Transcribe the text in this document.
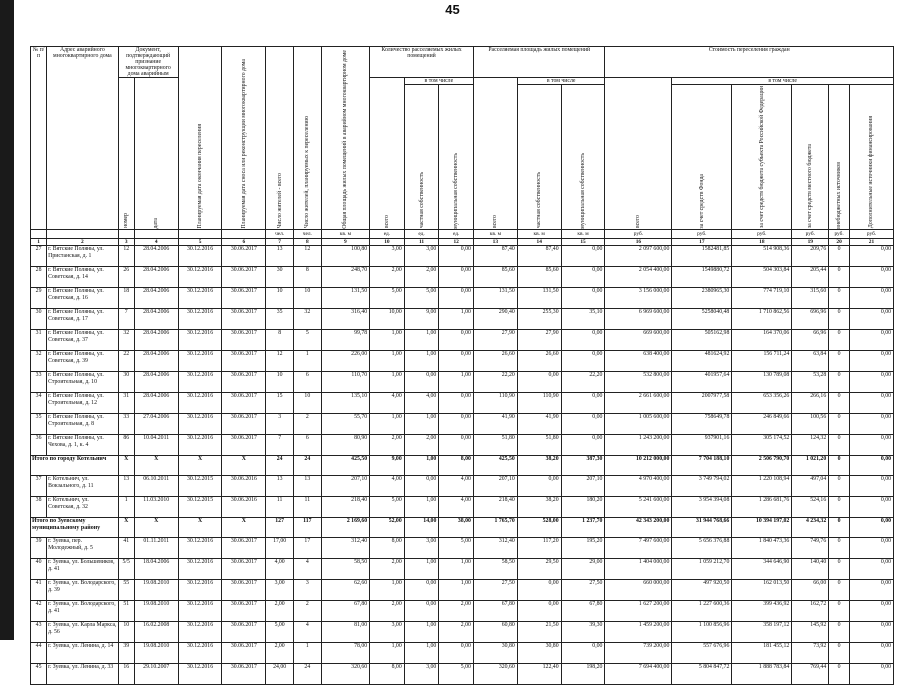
45
№ п/п	Адрес аварийного многоквартирного дома	Документ, подтверждающий признание многоквартирного дома аварийным		Планируемая дата окончания переселения	Планируемая дата сноса или реконструкции многоквартирного дома	Число жителей - всего	Число жителей, планируемых к переселению	Общая площадь жилых помещений в аварийном многоквартирном доме	Количество расселяемых жилых помещений			Расселяемая площадь жилых помещений			Стоимость переселения граждан					
		номер	дата						всего	в том числе		всего	в том числе		всего	в том числе				
										частная собственность	муниципальная собственность		частная собственность	муниципальная собственность		за счет средств Фонда	за счет средств бюджета субъекта Российской Федерации	за счет средств местного бюджета	внебюджетных источников	Дополнительные источники финансирования
						чел.	чел.	кв. м	ед.	ед.	ед.	кв. м	кв. м	кв. м	руб.	руб.	руб.	руб.	руб.	руб.
1	2	3	4	5	6	7	8	9	10	11	12	13	14	15	16	17	18	19	20	21
27	г. Вятские Поляны, ул. Пристанская, д. 1	12	28.04.2006	30.12.2016	30.06.2017	13	12	100,80	3,00	3,00	0,00	87,40	87,40	0,00	2 097 600,00	1582481,85	514 908,36	209,76	0	0,00
28	г. Вятские Поляны, ул. Советская, д. 14	26	28.04.2006	30.12.2016	30.06.2017	30	8	248,70	2,00	2,00	0,00	85,60	85,60	0,00	2 054 400,00	1549880,72	504 303,84	205,44	0	0,00
29	г. Вятские Поляны, ул. Советская, д. 16	18	28.04.2006	30.12.2016	30.06.2017	10	10	131,50	5,00	5,00	0,00	131,50	131,50	0,00	3 156 000,00	2380965,30	774 719,10	315,60	0	0,00
30	г. Вятские Поляны, ул. Советская, д. 17	7	28.04.2006	30.12.2016	30.06.2017	35	32	316,40	10,00	9,00	1,00	290,40	255,30	35,10	6 969 600,00	5258040,48	1 710 862,56	696,96	0	0,00
31	г. Вятские Поляны, ул. Советская, д. 37	32	28.04.2006	30.12.2016	30.06.2017	8	5	99,78	1,00	1,00	0,00	27,90	27,90	0,00	669 600,00	505162,98	164 370,06	66,96	0	0,00
32	г. Вятские Поляны, ул. Советская, д. 39	22	28.04.2006	30.12.2016	30.06.2017	12	1	226,00	1,00	1,00	0,00	26,60	26,60	0,00	638 400,00	481624,92	156 711,24	63,84	0	0,00
33	г. Вятские Поляны, ул. Строительная, д. 10	30	28.04.2006	30.12.2016	30.06.2017	10	6	110,70	1,00	0,00	1,00	22,20	0,00	22,20	532 800,00	401957,64	130 789,08	53,28	0	0,00
34	г. Вятские Поляны, ул. Строительная, д. 12	31	28.04.2006	30.12.2016	30.06.2017	15	10	135,10	4,00	4,00	0,00	110,90	110,90	0,00	2 661 600,00	2007977,58	653 356,26	266,16	0	0,00
35	г. Вятские Поляны, ул. Строительная, д. 8	33	27.04.2006	30.12.2016	30.06.2017	3	2	55,70	1,00	1,00	0,00	41,90	41,90	0,00	1 005 600,00	758649,78	246 849,66	100,56	0	0,00
36	г. Вятские Поляны, ул. Чехова, д. 1, к. 4	86	10.04.2011	30.12.2016	30.06.2017	7	6	80,90	2,00	2,00	0,00	51,80	51,80	0,00	1 243 200,00	937901,16	305 174,52	124,32	0	0,00
Итого по городу Котельнич		X	X	X	X	24	24	425,50	9,00	1,00	8,00	425,50	38,20	387,30	10 212 000,00	7 704 188,10	2 506 790,70	1 021,20	0	0,00
37	г. Котельнич, ул. Вокзального, д. 11	13	06.10.2011	30.12.2015	30.06.2016	13	13	207,10	4,00	0,00	4,00	207,10	0,00	207,10	4 970 400,00	3 749 794,02	1 220 108,94	497,04	0	0,00
38	г. Котельнич, ул. Советская, д. 32	1	11.03.2010	30.12.2015	30.06.2016	11	11	218,40	5,00	1,00	4,00	218,40	38,20	180,20	5 241 600,00	3 954 394,08	1 286 681,76	524,16	0	0,00
Итого по Зуевскому муниципальному району		X	X	X	X	127	117	2 169,60	52,00	14,00	38,00	1 765,70	528,00	1 237,70	42 343 200,00	31 944 768,66	10 394 197,02	4 234,32	0	0,00
39	г. Зуевка, пер. Молодежный, д. 5	41	01.11.2011	30.12.2016	30.06.2017	17,00	17	312,40	8,00	3,00	5,00	312,40	117,20	195,20	7 497 600,00	5 656 376,88	1 840 473,36	749,76	0	0,00
40	г. Зуевка, ул. Большевиков, д. 41	5/5	18.04.2006	30.12.2016	30.06.2017	4,00	4	58,50	2,00	1,00	1,00	58,50	29,50	29,00	1 404 000,00	1 059 212,70	344 646,90	140,40	0	0,00
41	г. Зуевка, ул. Володарского, д. 39	55	19.08.2010	30.12.2016	30.06.2017	3,00	3	62,60	1,00	0,00	1,00	27,50	0,00	27,50	660 000,00	497 920,50	162 013,50	66,00	0	0,00
42	г. Зуевка, ул. Володарского, д. 41	51	19.08.2010	30.12.2016	30.06.2017	2,00	2	67,80	2,00	0,00	2,00	67,80	0,00	67,80	1 627 200,00	1 227 600,36	399 436,92	162,72	0	0,00
43	г. Зуевка, ул. Карла Маркса, д. 56	10	16.02.2008	30.12.2016	30.06.2017	5,00	4	81,00	3,00	1,00	2,00	60,80	21,50	39,30	1 459 200,00	1 100 856,96	358 197,12	145,92	0	0,00
44	г. Зуевка, ул. Ленина, д. 14	39	19.08.2010	30.12.2016	30.06.2017	2,00	1	78,00	1,00	1,00	0,00	30,80	30,80	0,00	739 200,00	557 676,96	181 455,12	73,92	0	0,00
45	г. Зуевка, ул. Ленина, д. 33	16	29.10.2007	30.12.2016	30.06.2017	24,00	24	320,60	8,00	3,00	5,00	320,60	122,40	198,20	7 694 400,00	5 804 847,72	1 888 783,84	769,44	0	0,00
